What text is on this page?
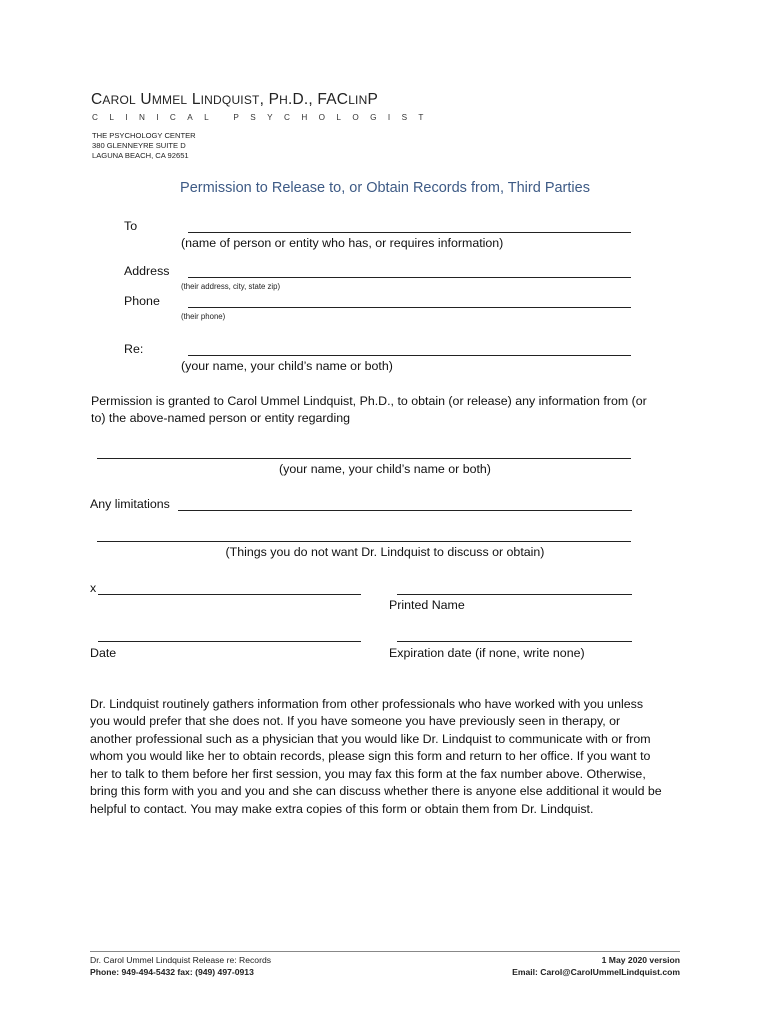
CAROL UMMEL LINDQUIST, PH.D., FACLINP
CLINICAL PSYCHOLOGIST
THE PSYCHOLOGY CENTER
380 GLENNEYRE SUITE D
LAGUNA BEACH, CA 92651
Permission to Release to, or Obtain Records from, Third Parties
To
(name of person or entity who has, or requires information)
Address
(their address, city, state zip)
Phone
(their phone)
Re:
(your name, your child’s name or both)
Permission is granted to Carol Ummel Lindquist, Ph.D., to obtain (or release) any information from (or
to) the above-named person or entity regarding
(your name, your child’s name or both)
Any limitations
(Things you do not want Dr. Lindquist to discuss or obtain)
x
Printed Name
Date	Expiration date (if none, write none)
Dr. Lindquist routinely gathers information from other professionals who have worked with you unless
you would prefer that she does not. If you have someone you have previously seen in therapy, or
another professional such as a physician that you would like Dr. Lindquist to communicate with or from
whom you would like her to obtain records, please sign this form and return to her office. If you want to
her to talk to them before her first session, you may fax this form at the fax number above. Otherwise,
bring this form with you and you and she can discuss whether there is anyone else additional it would be
helpful to contact. You may make extra copies of this form or obtain them from Dr. Lindquist.
Dr. Carol Ummel Lindquist Release re: Records
Phone: 949-494-5432 fax: (949) 497-0913
1 May 2020 version
Email: Carol@CarolUmmelLindquist.com
